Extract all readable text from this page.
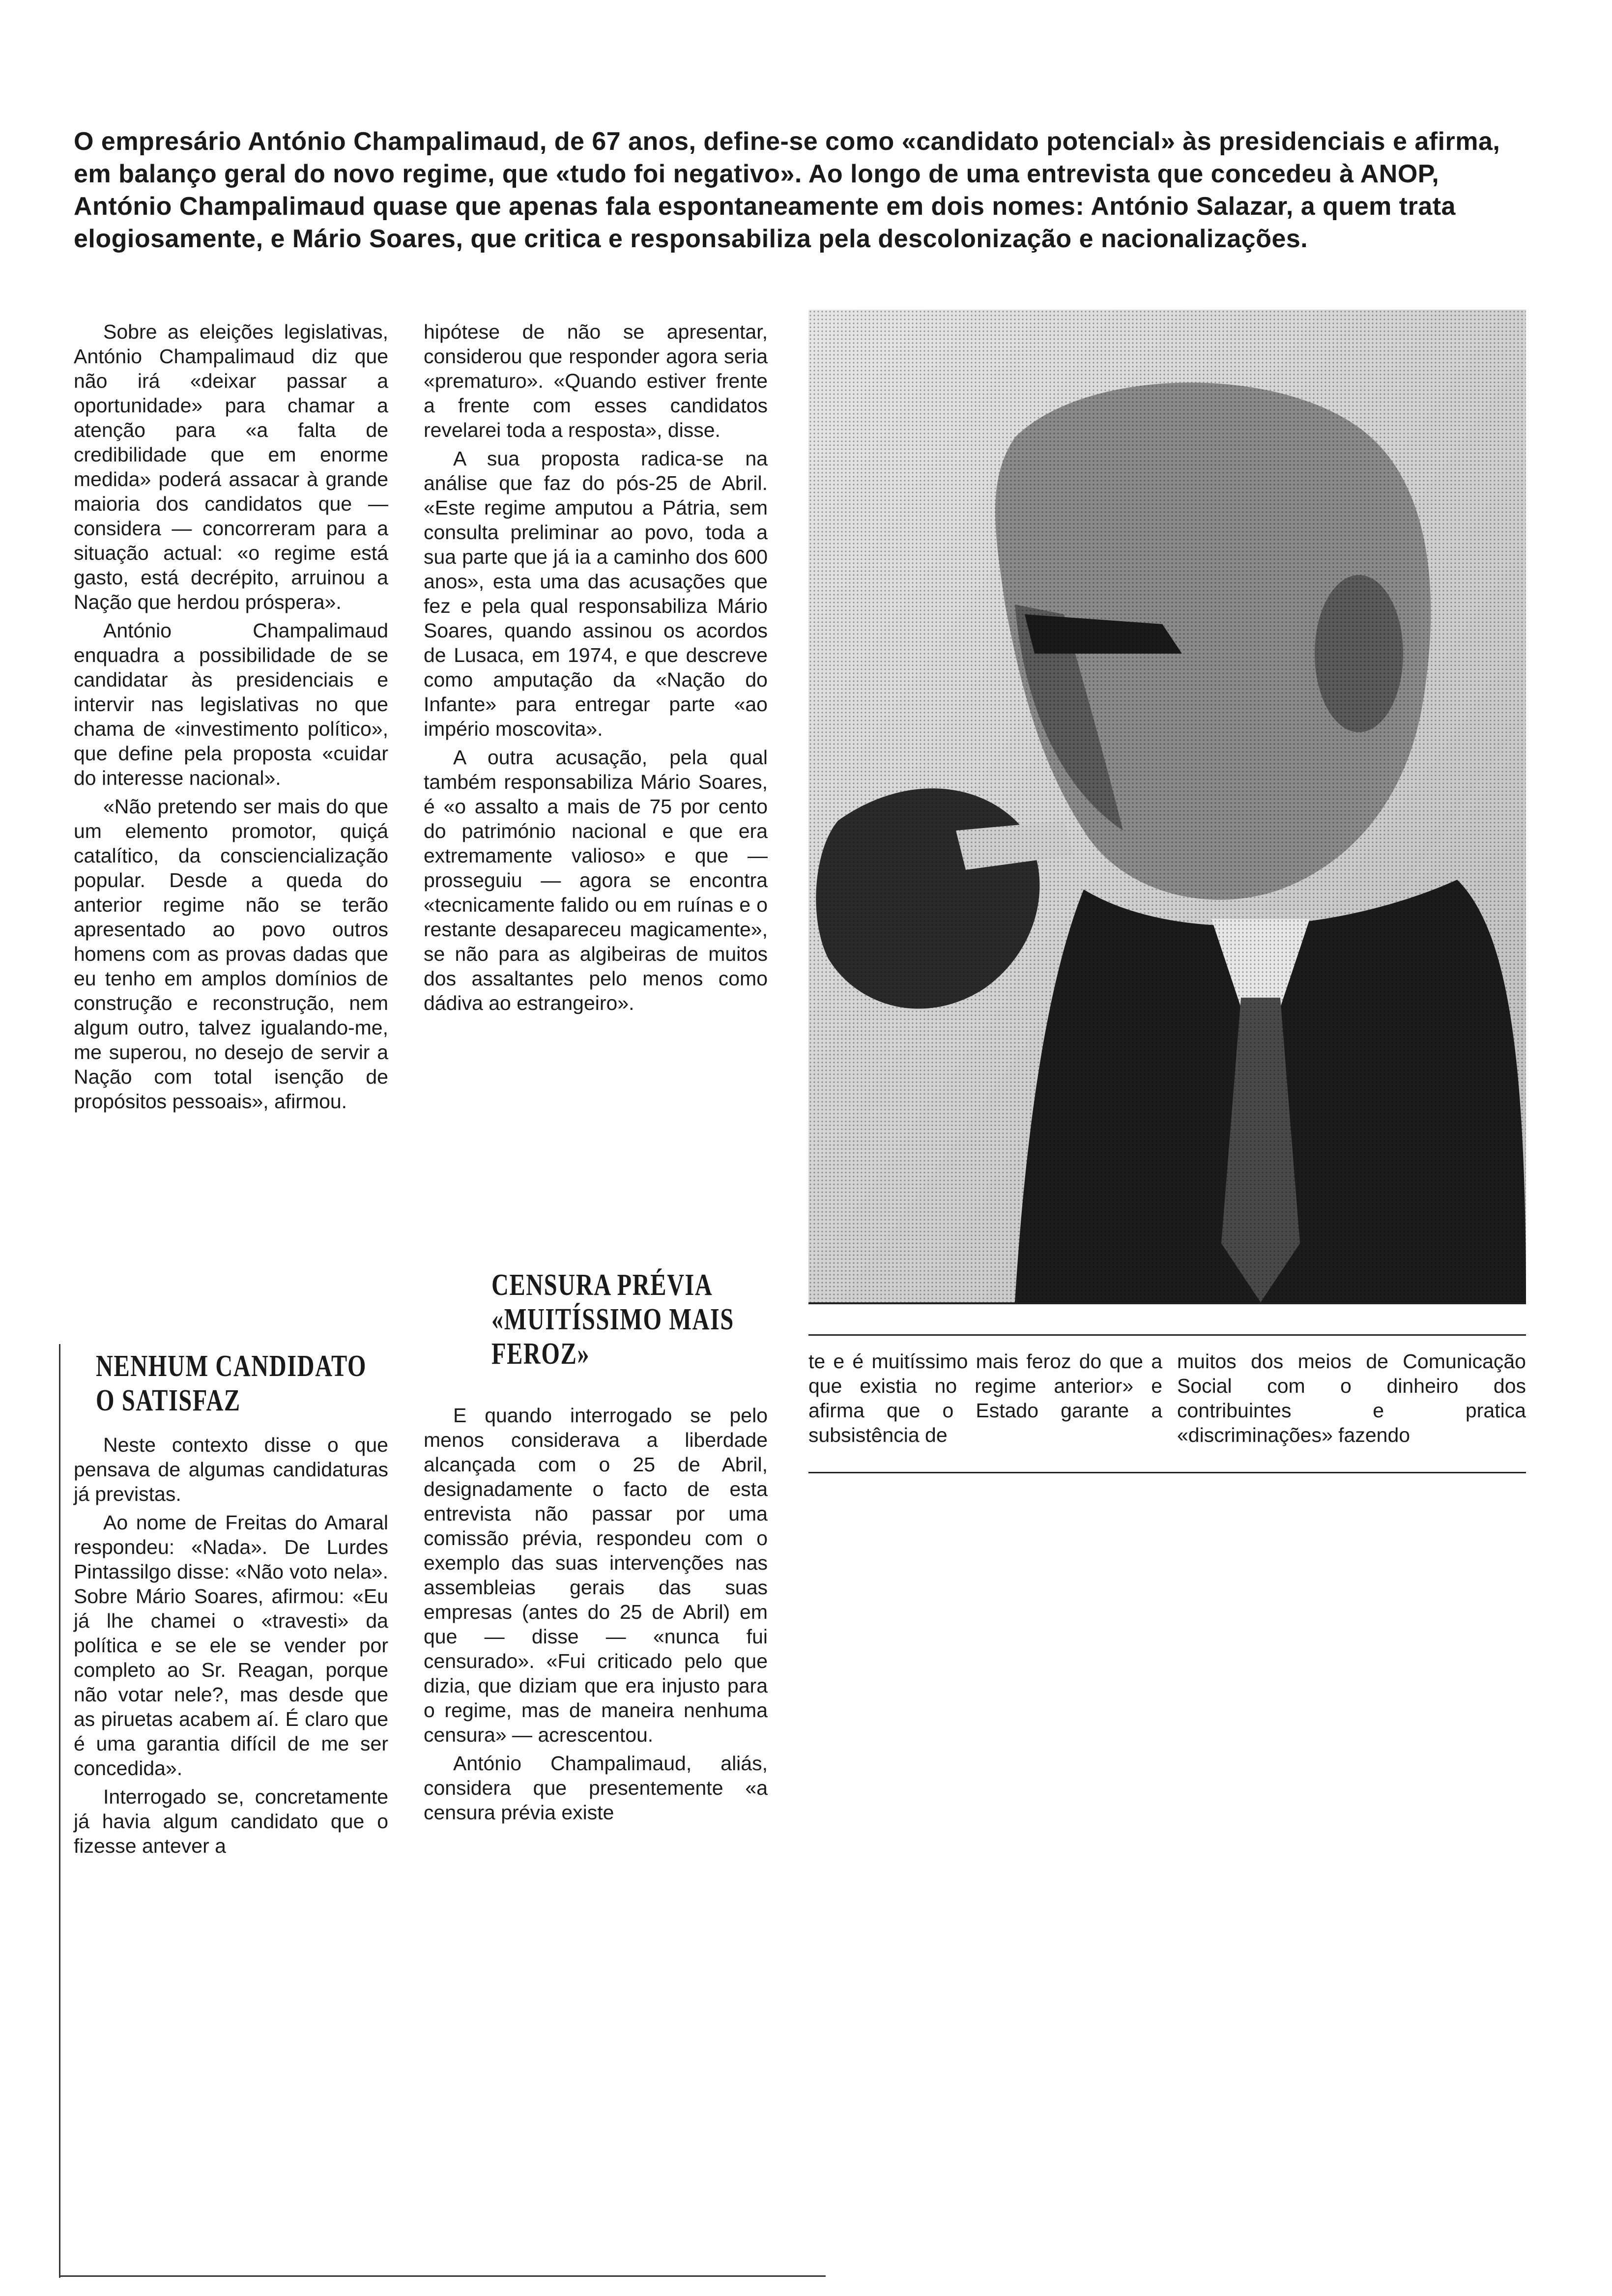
O empresário António Champalimaud, de 67 anos, define-se como «candidato potencial» às presidenciais e afirma, em balanço geral do novo regime, que «tudo foi negativo». Ao longo de uma entrevista que concedeu à ANOP, António Champalimaud quase que apenas fala espontaneamente em dois nomes: António Salazar, a quem trata elogiosamente, e Mário Soares, que critica e responsabiliza pela descolonização e nacionalizações.

Sobre as eleições legislativas, António Champalimaud diz que não irá «deixar passar a oportunidade» para chamar a atenção para «a falta de credibilidade que em enorme medida» poderá assacar à grande maioria dos candidatos que — considera — concorreram para a situação actual: «o regime está gasto, está decrépito, arruinou a Nação que herdou próspera».

António Champalimaud enquadra a possibilidade de se candidatar às presidenciais e intervir nas legislativas no que chama de «investimento político», que define pela proposta «cuidar do interesse nacional».

«Não pretendo ser mais do que um elemento promotor, quiçá catalítico, da consciencialização popular. Desde a queda do anterior regime não se terão apresentado ao povo outros homens com as provas dadas que eu tenho em amplos domínios de construção e reconstrução, nem algum outro, talvez igualando-me, me superou, no desejo de servir a Nação com total isenção de propósitos pessoais», afirmou.

hipótese de não se apresentar, considerou que responder agora seria «prematuro». «Quando estiver frente a frente com esses candidatos revelarei toda a resposta», disse.

A sua proposta radica-se na análise que faz do pós-25 de Abril. «Este regime amputou a Pátria, sem consulta preliminar ao povo, toda a sua parte que já ia a caminho dos 600 anos», esta uma das acusações que fez e pela qual responsabiliza Mário Soares, quando assinou os acordos de Lusaca, em 1974, e que descreve como amputação da «Nação do Infante» para entregar parte «ao império moscovita».

A outra acusação, pela qual também responsabiliza Mário Soares, é «o assalto a mais de 75 por cento do património nacional e que era extremamente valioso» e que — prosseguiu — agora se encontra «tecnicamente falido ou em ruínas e o restante desapareceu magicamente», se não para as algibeiras de muitos dos assaltantes pelo menos como dádiva ao estrangeiro».

NENHUM CANDIDATO O SATISFAZ
CENSURA PRÉVIA «MUITÍSSIMO MAIS FEROZ»

Neste contexto disse o que pensava de algumas candidaturas já previstas.

Ao nome de Freitas do Amaral respondeu: «Nada». De Lurdes Pintassilgo disse: «Não voto nela». Sobre Mário Soares, afirmou: «Eu já lhe chamei o «travesti» da política e se ele se vender por completo ao Sr. Reagan, porque não votar nele?, mas desde que as piruetas acabem aí. É claro que é uma garantia difícil de me ser concedida».

Interrogado se, concretamente já havia algum candidato que o fizesse antever a

E quando interrogado se pelo menos considerava a liberdade alcançada com o 25 de Abril, designadamente o facto de esta entrevista não passar por uma comissão prévia, respondeu com o exemplo das suas intervenções nas assembleias gerais das suas empresas (antes do 25 de Abril) em que — disse — «nunca fui censurado». «Fui criticado pelo que dizia, que diziam que era injusto para o regime, mas de maneira nenhuma censura» — acrescentou.

António Champalimaud, aliás, considera que presentemente «a censura prévia existe

te e é muitíssimo mais feroz do que a que existia no regime anterior» e afirma que o Estado garante a subsistência de
muitos dos meios de Comunicação Social com o dinheiro dos contribuintes e pratica «discriminações» fazendo
